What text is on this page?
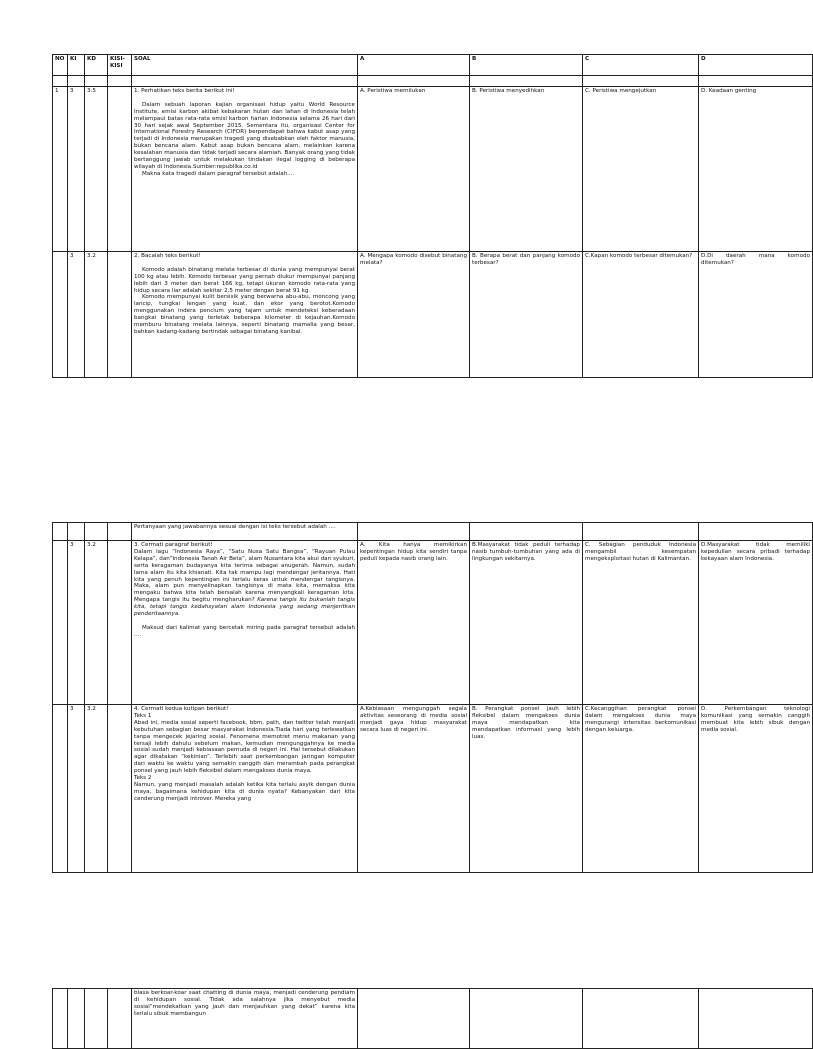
NO	KI	KD	KISI-KISI	SOAL	A	B	C	D

1	3	3.5		1. Perhatikan teks berita berikut ini!

Dalam sebuah laporan kajian organisasi hidup yaitu World Resource Institute, emisi karbon akibat kebakaran hutan dan lahan di Indonesia telah melampaui batas rata-rata emisi karbon harian Indonesia selama 26 hari dari 30 hari sejak awal September 2015. Sementara itu, organisasi Center for International Forestry Research (CIFOR) berpendapat bahwa kabut asap yang terjadi di Indonesia merupakan tragedi yang disebabkan oleh faktor manusia, bukan bencana alam. Kabut asap bukan bencana alam, melainkan karena kesalahan manusia dan tidak terjadi secara alamiah. Banyak orang yang tidak bertanggung jawab untuk melakukan tindakan ilegal logging di beberapa wilayah di Indonesia.Sumber:republika.co.id

Makna kata tragedi dalam paragraf tersebut adalah....	A. Peristiwa memilukan	B. Peristiwa menyedihkan	C. Peristiwa mengejutkan	D. Keadaan genting
	3	3.2		2. Bacalah teks berikut!

Komodo adalah binatang melata terbesar di dunia yang mempunyai berat 100 kg atau lebih. Komodo terbesar yang pernah diukur mempunyai panjang lebih dari 3 meter dan berat 166 kg, tetapi ukuran komodo rata-rata yang hidup secara liar adalah sekitar 2,5 meter dengan berat 91 kg.

Komodo mempunyai kulit bersisik yang berwarna abu-abu, moncong yang lancip, tungkai lengan yang kuat, dan ekor yang berotot.Komodo menggunakan indera pencium yang tajam untuk mendeteksi keberadaan bangkai binatang yang terletak beberapa kilometer di kejauhan.Komodo memburu binatang melata lainnya, seperti binatang mamalia yang besar, bahkan kadang-kadang bertindak sebagai binatang kanibal.	A. Mengapa komodo disebut binatang melata?	B. Berapa berat dan panjang komodo terbesar?	C.Kapan komodo terbesar ditemukan?	D.Di daerah mana komodo ditemukan?
				Pertanyaan yang jawabannya sesuai dengan isi teks tersebut adalah ....				
	3	3.2		3. Cermati paragraf berikut!

Dalam lagu “Indonesia Raya”, “Satu Nusa Satu Bangsa”, “Rayuan Pulau Kelapa”, dan”Indonesia Tanah Air Beta”, alam Nusantara kita akui dan syukuri, serta keragaman budayanya kita terima sebagai anugerah. Namun, sudah lama alam itu kita khianati. Kita tak mampu lagi mendengar jeritannya. Hati kita yang penuh kepentingan ini terlalu keras untuk mendengar tangisnya. Maka, alam pun menyelinapkan tangisnya di mata kita, memaksa kita mengaku bahwa kita telah bersalah karena menyangkali keragaman kita. Mengapa tangis itu begitu mengharukan? Karena tangis itu bukanlah tangis kita, tetapi tangis kedahsyatan alam Indonesia yang sedang menjeritkan penderitaannya.

Maksud dari kalimat yang bercetak miring pada paragraf tersebut adalah ....	A. Kita hanya memikirkan kepentingan hidup kita sendiri tanpa peduli kepada nasib orang lain.	B.Masyarakat tidak peduli terhadap nasib tumbuh-tumbuhan yang ada di lingkungan sekitarnya.	C. Sebagian penduduk Indonesia mengambil kesempatan mengeksploitasi hutan di Kalimantan.	D.Masyarakat tidak memiliki kepedulian secara pribadi terhadap kekayaan alam Indonesia.
	3	3.2		4. Cermati kedua kutipan berikut!

Teks 1

Abad ini, media sosial seperti facebook, bbm, path, dan twitter telah menjadi kebutuhan sebagian besar masyarakat Indonesia.Tiada hari yang terlewatkan tanpa mengecek jejaring sosial. Fenomena memotret menu makanan yang tersaji lebih dahulu sebelum makan, kemudian mengunggahnya ke media sosial sudah menjadi kebiasaan pemuda di negeri ini. Hal tersebut dilakukan agar dikatakan “kekinian”. Terlebih saat perkembangan jaringan komputer dari waktu ke waktu yang semakin canggih dan merambah pada perangkat ponsel yang jauh lebih fleksibel dalam mengakses dunia maya.

Teks 2

Namun, yang menjadi masalah adalah ketika kita terlalu asyik dengan dunia maya, bagaimana kehidupan kita di dunia nyata? Kebanyakan dari kita cenderung menjadi introver. Mereka yang	A.Kebiasaan mengunggah segala aktivitas seseorang di media sosial menjadi gaya hidup masyarakat secara luas di negeri ini.	B. Perangkat ponsel jauh lebih fleksibel dalam mengakses dunia maya mendapatkan kita mendapatkan informasi yang lebih luas.	C.Kecanggihan perangkat ponsel dalam mengakses dunia maya mengurangi intensitas berkomunikasi dengan keluarga.	D. Perkembangan teknologi komunikasi yang semakin canggih membuat kita lebih sibuk dengan media sosial.
				biasa berkoar-koar saat chatting di dunia maya, menjadi cenderung pendiam di kehidupan sosial. Tidak ada salahnya jika menyebut media sosial“mendekatkan yang jauh dan menjauhkan yang dekat” karena kita terlalu sibuk membangun				
